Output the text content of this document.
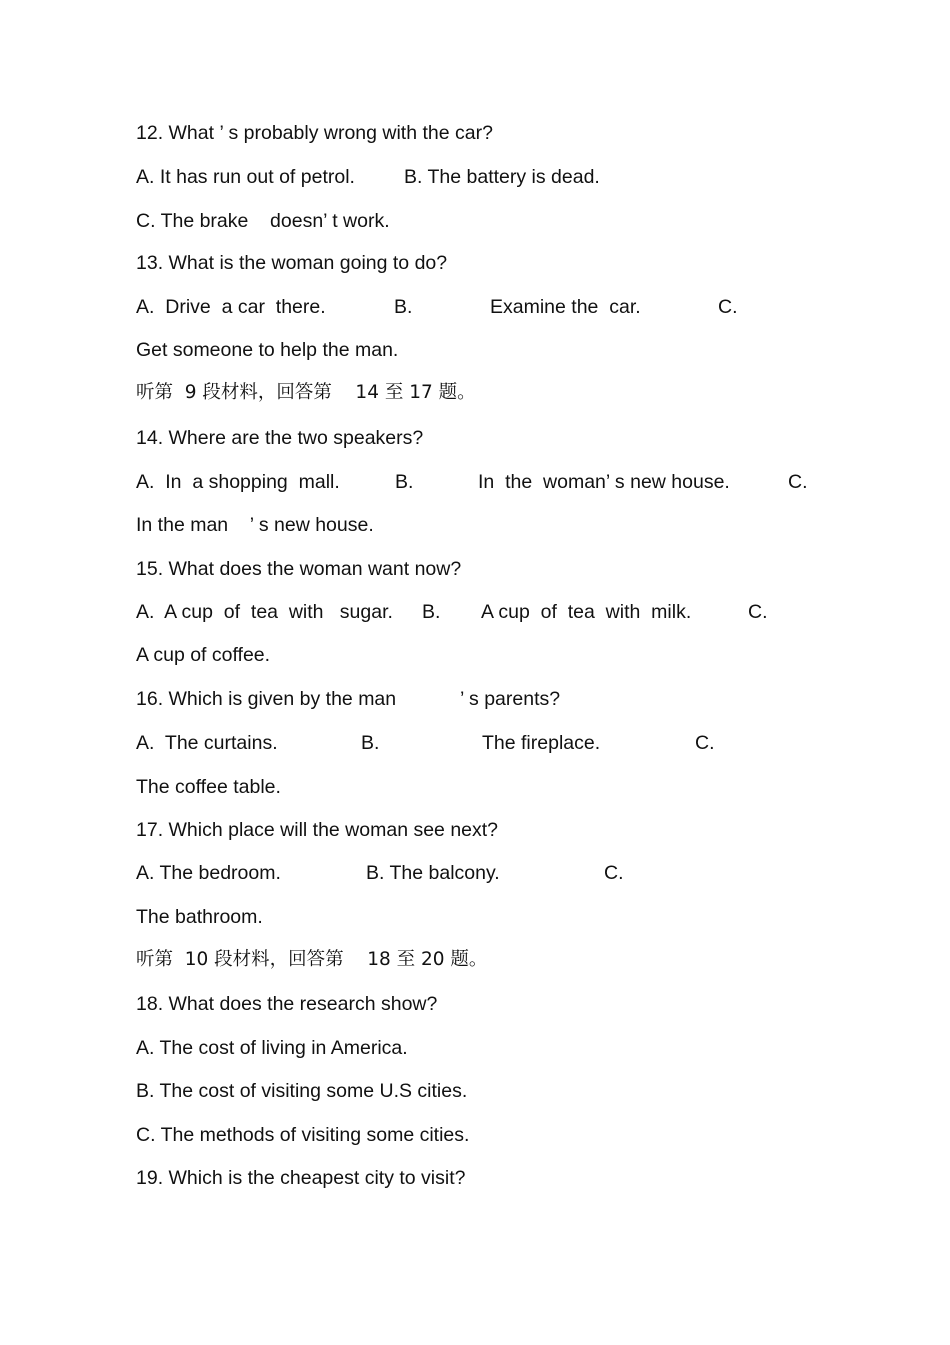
12. What ’ s probably wrong with the car?
A. It has run out of petrol.	B. The battery is dead.
C. The brake    doesn’ t work.
13. What is the woman going to do?
A.  Drive  a car  there.	B.	Examine the  car.	C.
Get someone to help the man.
听第  9 段材料，回答第    14 至 17 题。
14. Where are the two speakers?
A.  In  a shopping  mall.	B.	In  the  woman’ s new house.	C.
In the man    ’ s new house.
15. What does the woman want now?
A.  A cup  of  tea  with   sugar. B. A cup  of  tea  with  milk.	C.
A cup of coffee.
16. Which is given by the man	’ s parents?
A.  The curtains.	B.	The fireplace.	C.
The coffee table.
17. Which place will the woman see next?
A. The bedroom.	B. The balcony.	C.
The bathroom.
听第  10 段材料，回答第    18 至 20 题。
18. What does the research show?
A. The cost of living in America.
B. The cost of visiting some U.S cities.
C. The methods of visiting some cities.
19. Which is the cheapest city to visit?
